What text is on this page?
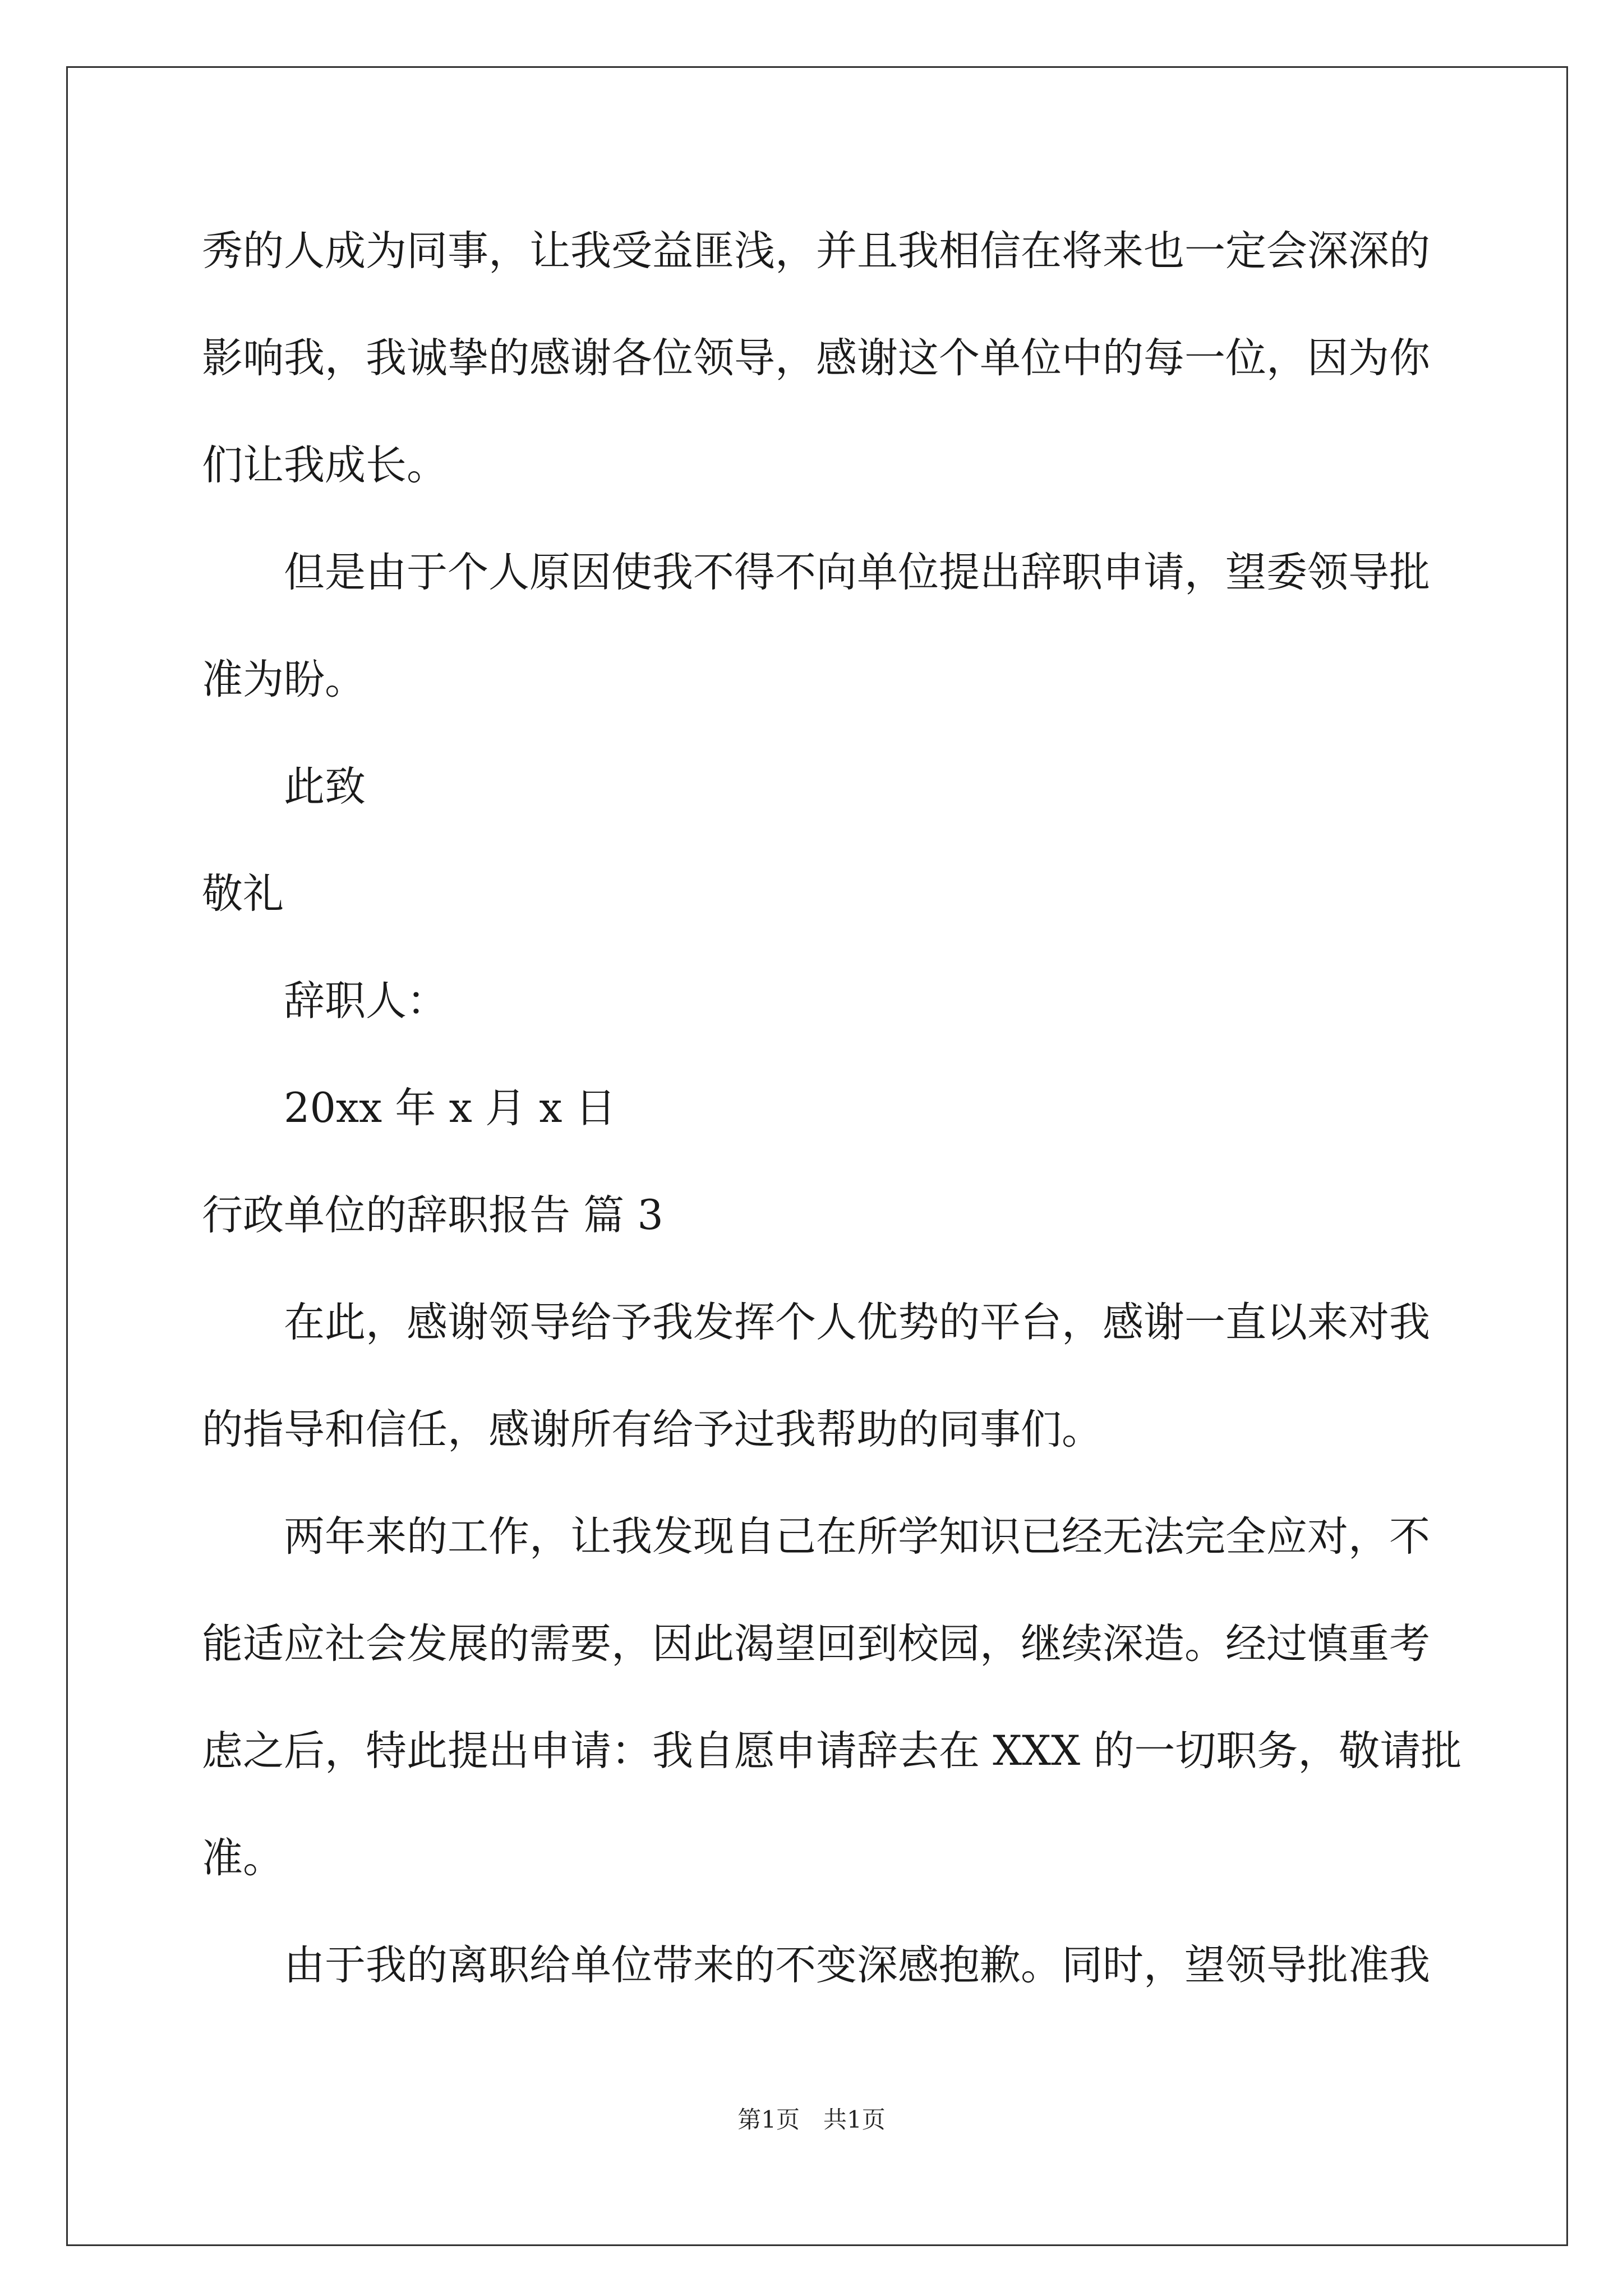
秀的人成为同事，让我受益匪浅，并且我相信在将来也一定会深深的

影响我，我诚挚的感谢各位领导，感谢这个单位中的每一位，因为你

们让我成长。

但是由于个人原因使我不得不向单位提出辞职申请，望委领导批

准为盼。

此致

敬礼

辞职人：

20xx 年 x 月 x 日

行政单位的辞职报告 篇 3

在此，感谢领导给予我发挥个人优势的平台，感谢一直以来对我

的指导和信任，感谢所有给予过我帮助的同事们。

两年来的工作，让我发现自己在所学知识已经无法完全应对，不

能适应社会发展的需要，因此渴望回到校园，继续深造。经过慎重考

虑之后，特此提出申请：我自愿申请辞去在 XXX 的一切职务，敬请批

准。

由于我的离职给单位带来的不变深感抱歉。同时，望领导批准我

第1页　共1页
